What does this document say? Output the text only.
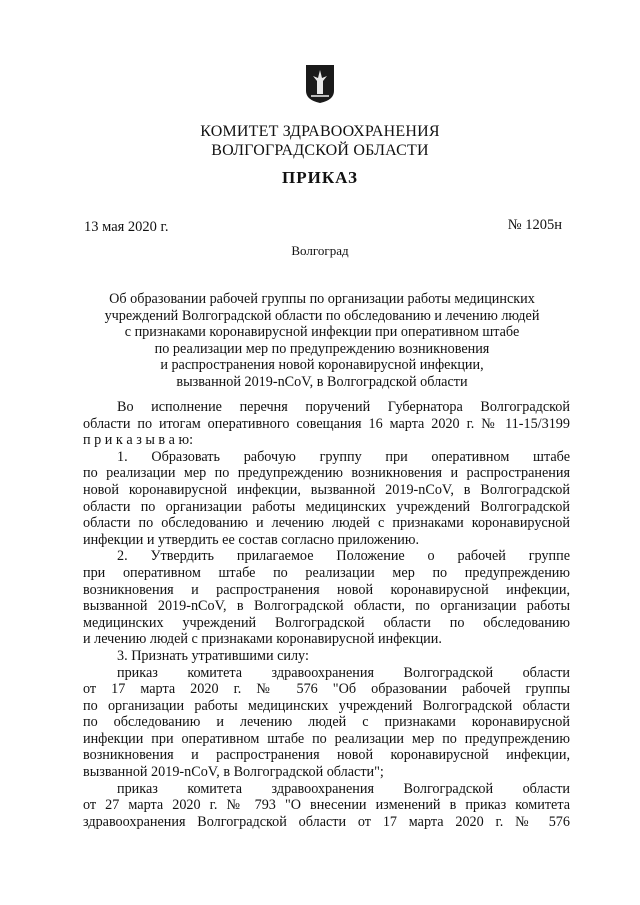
КОМИТЕТ ЗДРАВООХРАНЕНИЯ
ВОЛГОГРАДСКОЙ ОБЛАСТИ
ПРИКАЗ
13 мая 2020 г.	№ 1205н
Волгоград
Об образовании рабочей группы по организации работы медицинских
учреждений Волгоградской области по обследованию и лечению людей
с признаками коронавирусной инфекции при оперативном штабе
по реализации мер по предупреждению возникновения
и распространения новой коронавирусной инфекции,
вызванной 2019-nCoV, в Волгоградской области
Во исполнение перечня поручений Губернатора Волгоградской
области по итогам оперативного совещания 16 марта 2020 г. № 11-15/3199
п р и к а з ы в а ю:
1. Образовать рабочую группу при оперативном штабе
по реализации мер по предупреждению возникновения и распространения
новой коронавирусной инфекции, вызванной 2019-nCoV, в Волгоградской
области по организации работы медицинских учреждений Волгоградской
области по обследованию и лечению людей с признаками коронавирусной
инфекции и утвердить ее состав согласно приложению.
2. Утвердить прилагаемое Положение о рабочей группе
при оперативном штабе по реализации мер по предупреждению
возникновения и распространения новой коронавирусной инфекции,
вызванной 2019-nCoV, в Волгоградской области, по организации работы
медицинских учреждений Волгоградской области по обследованию
и лечению людей с признаками коронавирусной инфекции.
3. Признать утратившими силу:
приказ комитета здравоохранения Волгоградской области
от 17 марта 2020 г. № 576 "Об образовании рабочей группы
по организации работы медицинских учреждений Волгоградской области
по обследованию и лечению людей с признаками коронавирусной
инфекции при оперативном штабе по реализации мер по предупреждению
возникновения и распространения новой коронавирусной инфекции,
вызванной 2019-nCoV, в Волгоградской области";
приказ комитета здравоохранения Волгоградской области
от 27 марта 2020 г. № 793 "О внесении изменений в приказ комитета
здравоохранения Волгоградской области от 17 марта 2020 г. № 576
